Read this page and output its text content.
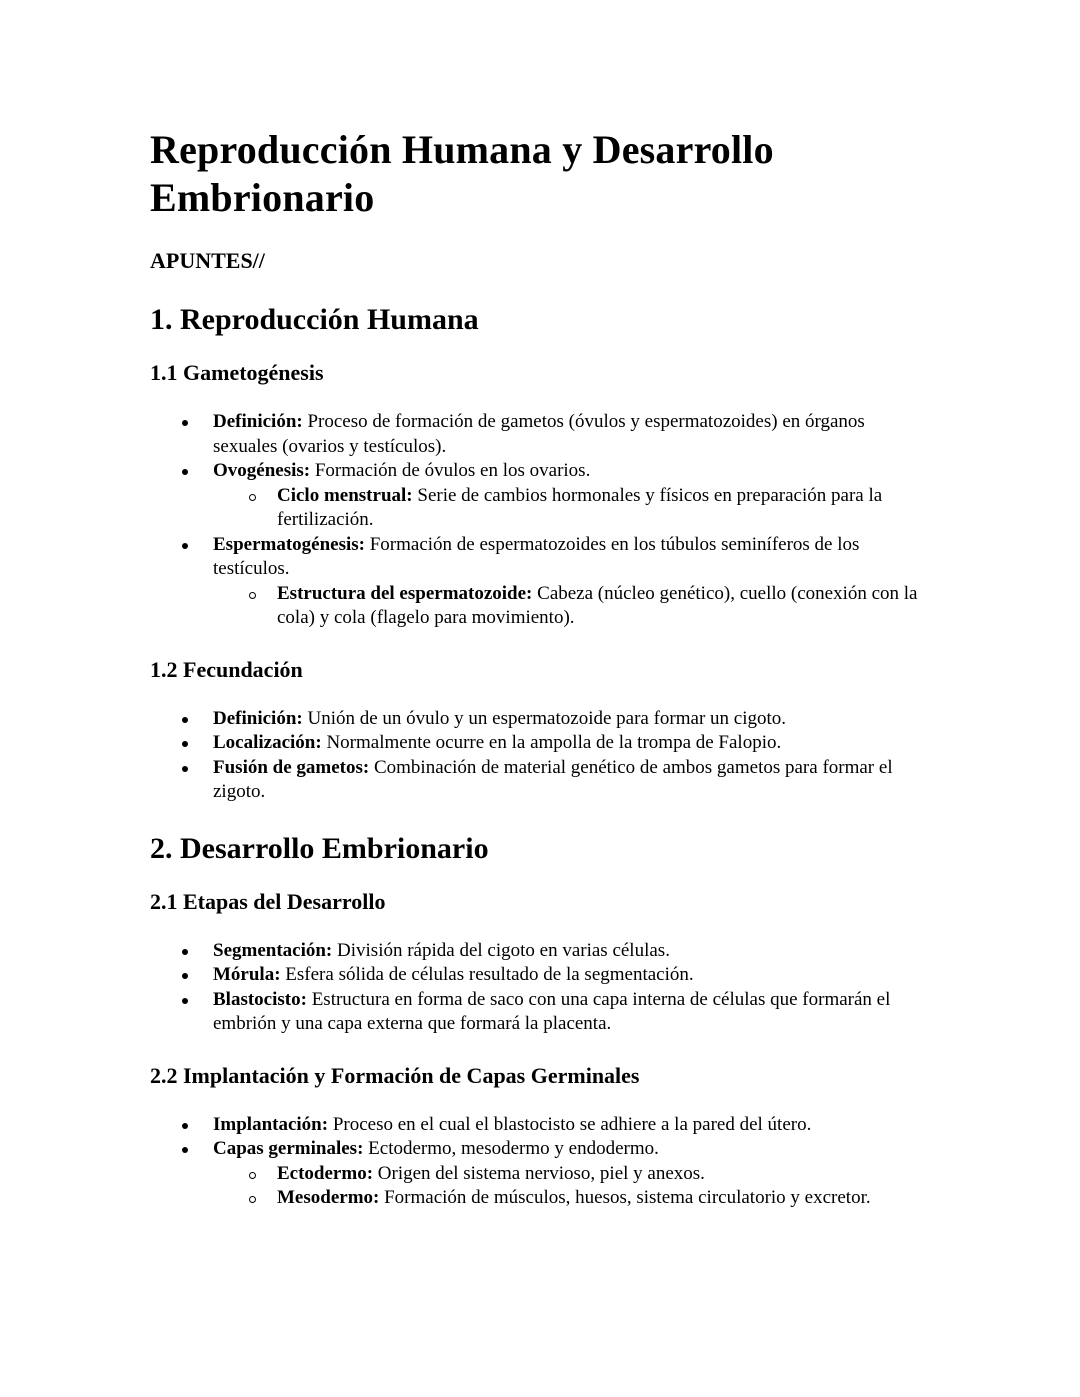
Reproducción Humana y Desarrollo Embrionario
APUNTES//
1. Reproducción Humana
1.1 Gametogénesis
Definición: Proceso de formación de gametos (óvulos y espermatozoides) en órganos sexuales (ovarios y testículos).
Ovogénesis: Formación de óvulos en los ovarios.
Ciclo menstrual: Serie de cambios hormonales y físicos en preparación para la fertilización.
Espermatogénesis: Formación de espermatozoides en los túbulos seminíferos de los testículos.
Estructura del espermatozoide: Cabeza (núcleo genético), cuello (conexión con la cola) y cola (flagelo para movimiento).
1.2 Fecundación
Definición: Unión de un óvulo y un espermatozoide para formar un cigoto.
Localización: Normalmente ocurre en la ampolla de la trompa de Falopio.
Fusión de gametos: Combinación de material genético de ambos gametos para formar el zigoto.
2. Desarrollo Embrionario
2.1 Etapas del Desarrollo
Segmentación: División rápida del cigoto en varias células.
Mórula: Esfera sólida de células resultado de la segmentación.
Blastocisto: Estructura en forma de saco con una capa interna de células que formarán el embrión y una capa externa que formará la placenta.
2.2 Implantación y Formación de Capas Germinales
Implantación: Proceso en el cual el blastocisto se adhiere a la pared del útero.
Capas germinales: Ectodermo, mesodermo y endodermo.
Ectodermo: Origen del sistema nervioso, piel y anexos.
Mesodermo: Formación de músculos, huesos, sistema circulatorio y excretor.
